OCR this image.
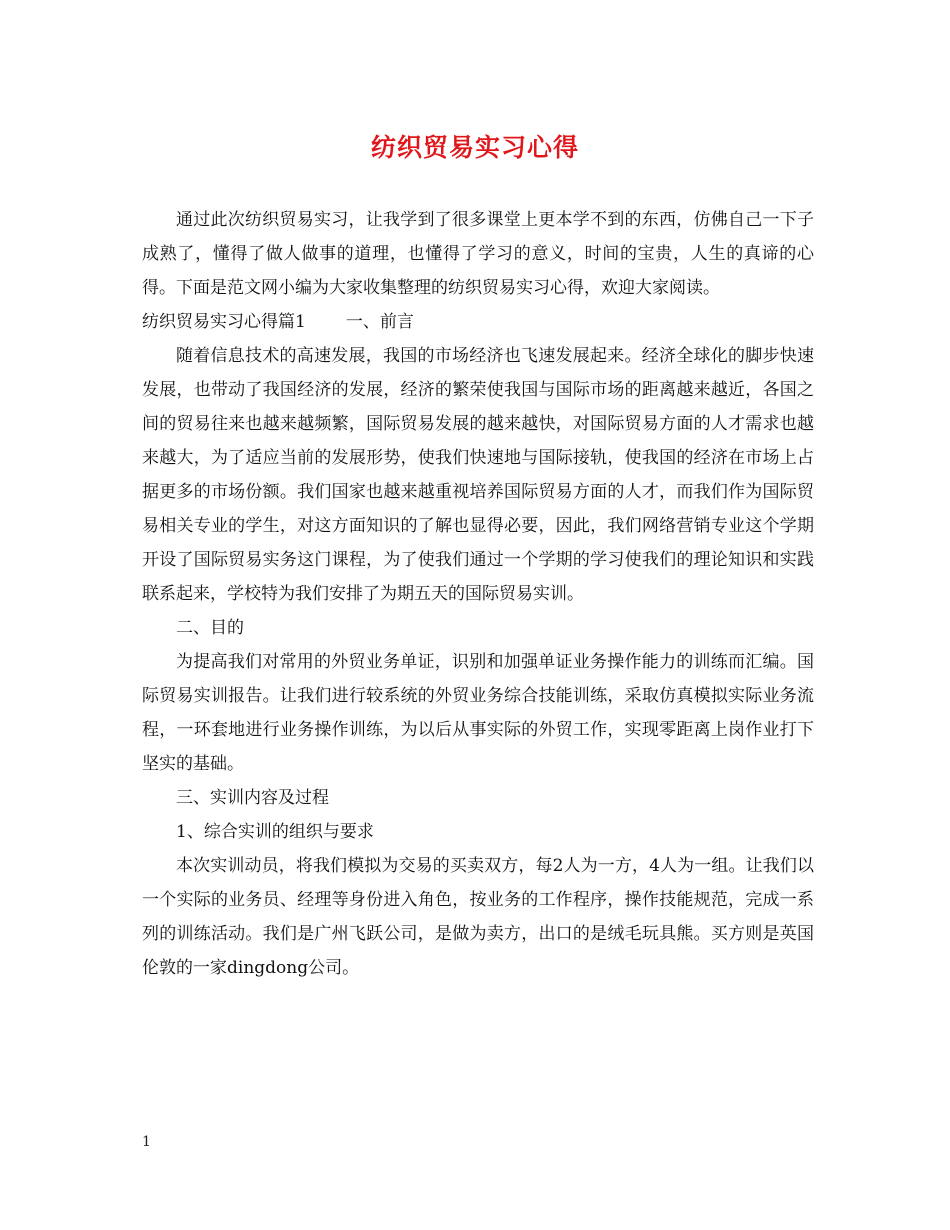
纺织贸易实习心得

通过此次纺织贸易实习，让我学到了很多课堂上更本学不到的东西，仿佛自己一下子成熟了，懂得了做人做事的道理，也懂得了学习的意义，时间的宝贵，人生的真谛的心得。下面是范文网小编为大家收集整理的纺织贸易实习心得，欢迎大家阅读。

纺织贸易实习心得篇1 一、前言

随着信息技术的高速发展，我国的市场经济也飞速发展起来。经济全球化的脚步快速发展，也带动了我国经济的发展，经济的繁荣使我国与国际市场的距离越来越近，各国之间的贸易往来也越来越频繁，国际贸易发展的越来越快，对国际贸易方面的人才需求也越来越大，为了适应当前的发展形势，使我们快速地与国际接轨，使我国的经济在市场上占据更多的市场份额。我们国家也越来越重视培养国际贸易方面的人才，而我们作为国际贸易相关专业的学生，对这方面知识的了解也显得必要，因此，我们网络营销专业这个学期开设了国际贸易实务这门课程，为了使我们通过一个学期的学习使我们的理论知识和实践联系起来，学校特为我们安排了为期五天的国际贸易实训。

二、目的

为提高我们对常用的外贸业务单证，识别和加强单证业务操作能力的训练而汇编。国际贸易实训报告。让我们进行较系统的外贸业务综合技能训练，采取仿真模拟实际业务流程，一环套地进行业务操作训练，为以后从事实际的外贸工作，实现零距离上岗作业打下坚实的基础。

三、实训内容及过程

1、综合实训的组织与要求

本次实训动员，将我们模拟为交易的买卖双方，每2人为一方，4人为一组。让我们以一个实际的业务员、经理等身份进入角色，按业务的工作程序，操作技能规范，完成一系列的训练活动。我们是广州飞跃公司，是做为卖方，出口的是绒毛玩具熊。买方则是英国伦敦的一家dingdong公司。

1
